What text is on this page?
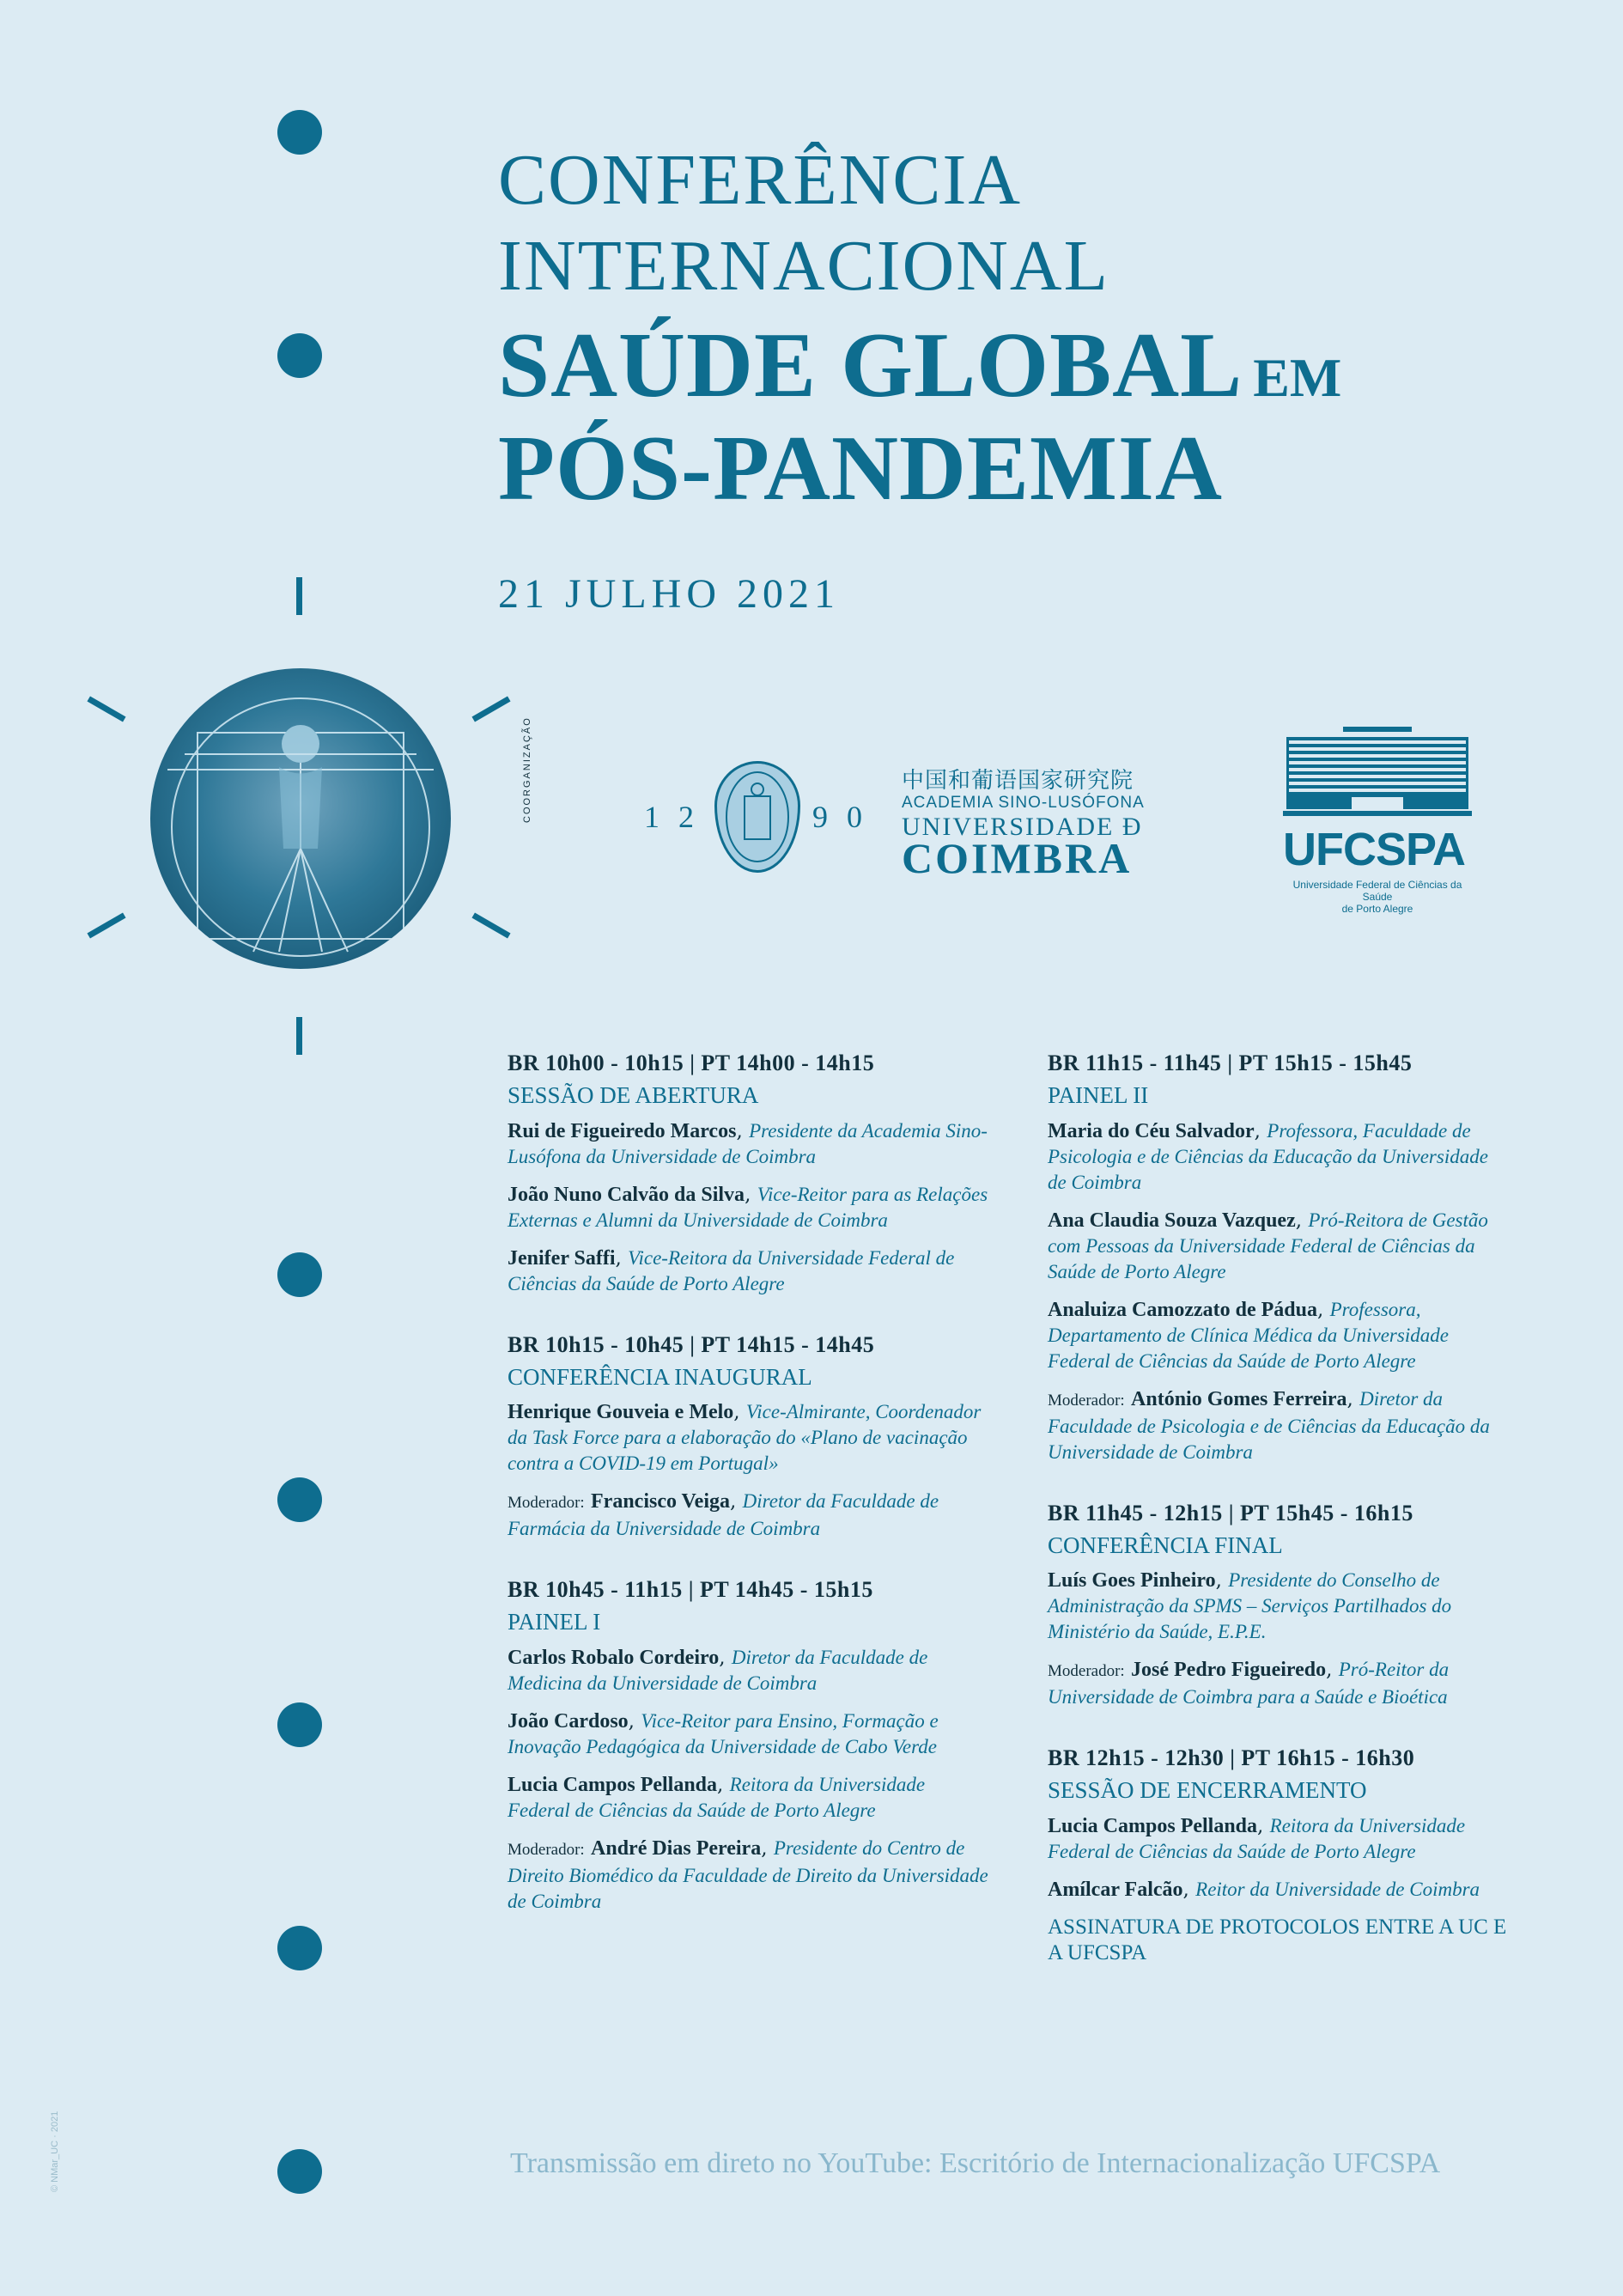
CONFERÊNCIA
INTERNACIONAL
SAÚDE GLOBAL EM
PÓS-PANDEMIA
21 JULHO 2021
COORGANIZAÇÃO	12	90
中国和葡语国家研究院
ACADEMIA SINO-LUSÓFONA
UNIVERSIDADE Đ
COIMBRA	UFCSPA
Universidade Federal de Ciências da Saúde
de Porto Alegre
BR 10h00 - 10h15 | PT 14h00 - 14h15
SESSÃO DE ABERTURA
Rui de Figueiredo Marcos, Presidente da Academia Sino-Lusófona da Universidade de Coimbra
João Nuno Calvão da Silva, Vice-Reitor para as Relações Externas e Alumni da Universidade de Coimbra
Jenifer Saffi, Vice-Reitora da Universidade Federal de Ciências da Saúde de Porto Alegre
BR 10h15 - 10h45 | PT 14h15 - 14h45
CONFERÊNCIA INAUGURAL
Henrique Gouveia e Melo, Vice-Almirante, Coordenador da Task Force para a elaboração do «Plano de vacinação contra a COVID-19 em Portugal»
Moderador: Francisco Veiga, Diretor da Faculdade de Farmácia da Universidade de Coimbra
BR 10h45 - 11h15 | PT 14h45 - 15h15
PAINEL I
Carlos Robalo Cordeiro, Diretor da Faculdade de Medicina da Universidade de Coimbra
João Cardoso, Vice-Reitor para Ensino, Formação e Inovação Pedagógica da Universidade de Cabo Verde
Lucia Campos Pellanda, Reitora da Universidade Federal de Ciências da Saúde de Porto Alegre
Moderador: André Dias Pereira, Presidente do Centro de Direito Biomédico da Faculdade de Direito da Universidade de Coimbra
BR 11h15 - 11h45 | PT 15h15 - 15h45
PAINEL II
Maria do Céu Salvador, Professora, Faculdade de Psicologia e de Ciências da Educação da Universidade de Coimbra
Ana Claudia Souza Vazquez, Pró-Reitora de Gestão com Pessoas da Universidade Federal de Ciências da Saúde de Porto Alegre
Analuiza Camozzato de Pádua, Professora, Departamento de Clínica Médica da Universidade Federal de Ciências da Saúde de Porto Alegre
Moderador: António Gomes Ferreira, Diretor da Faculdade de Psicologia e de Ciências da Educação da Universidade de Coimbra
BR 11h45 - 12h15 | PT 15h45 - 16h15
CONFERÊNCIA FINAL
Luís Goes Pinheiro, Presidente do Conselho de Administração da SPMS – Serviços Partilhados do Ministério da Saúde, E.P.E.
Moderador: José Pedro Figueiredo, Pró-Reitor da Universidade de Coimbra para a Saúde e Bioética
BR 12h15 - 12h30 | PT 16h15 - 16h30
SESSÃO DE ENCERRAMENTO
Lucia Campos Pellanda, Reitora da Universidade Federal de Ciências da Saúde de Porto Alegre
Amílcar Falcão, Reitor da Universidade de Coimbra
ASSINATURA DE PROTOCOLOS ENTRE A UC E A UFCSPA
Transmissão em direto no YouTube: Escritório de Internacionalização UFCSPA
© NMar_UC · 2021
